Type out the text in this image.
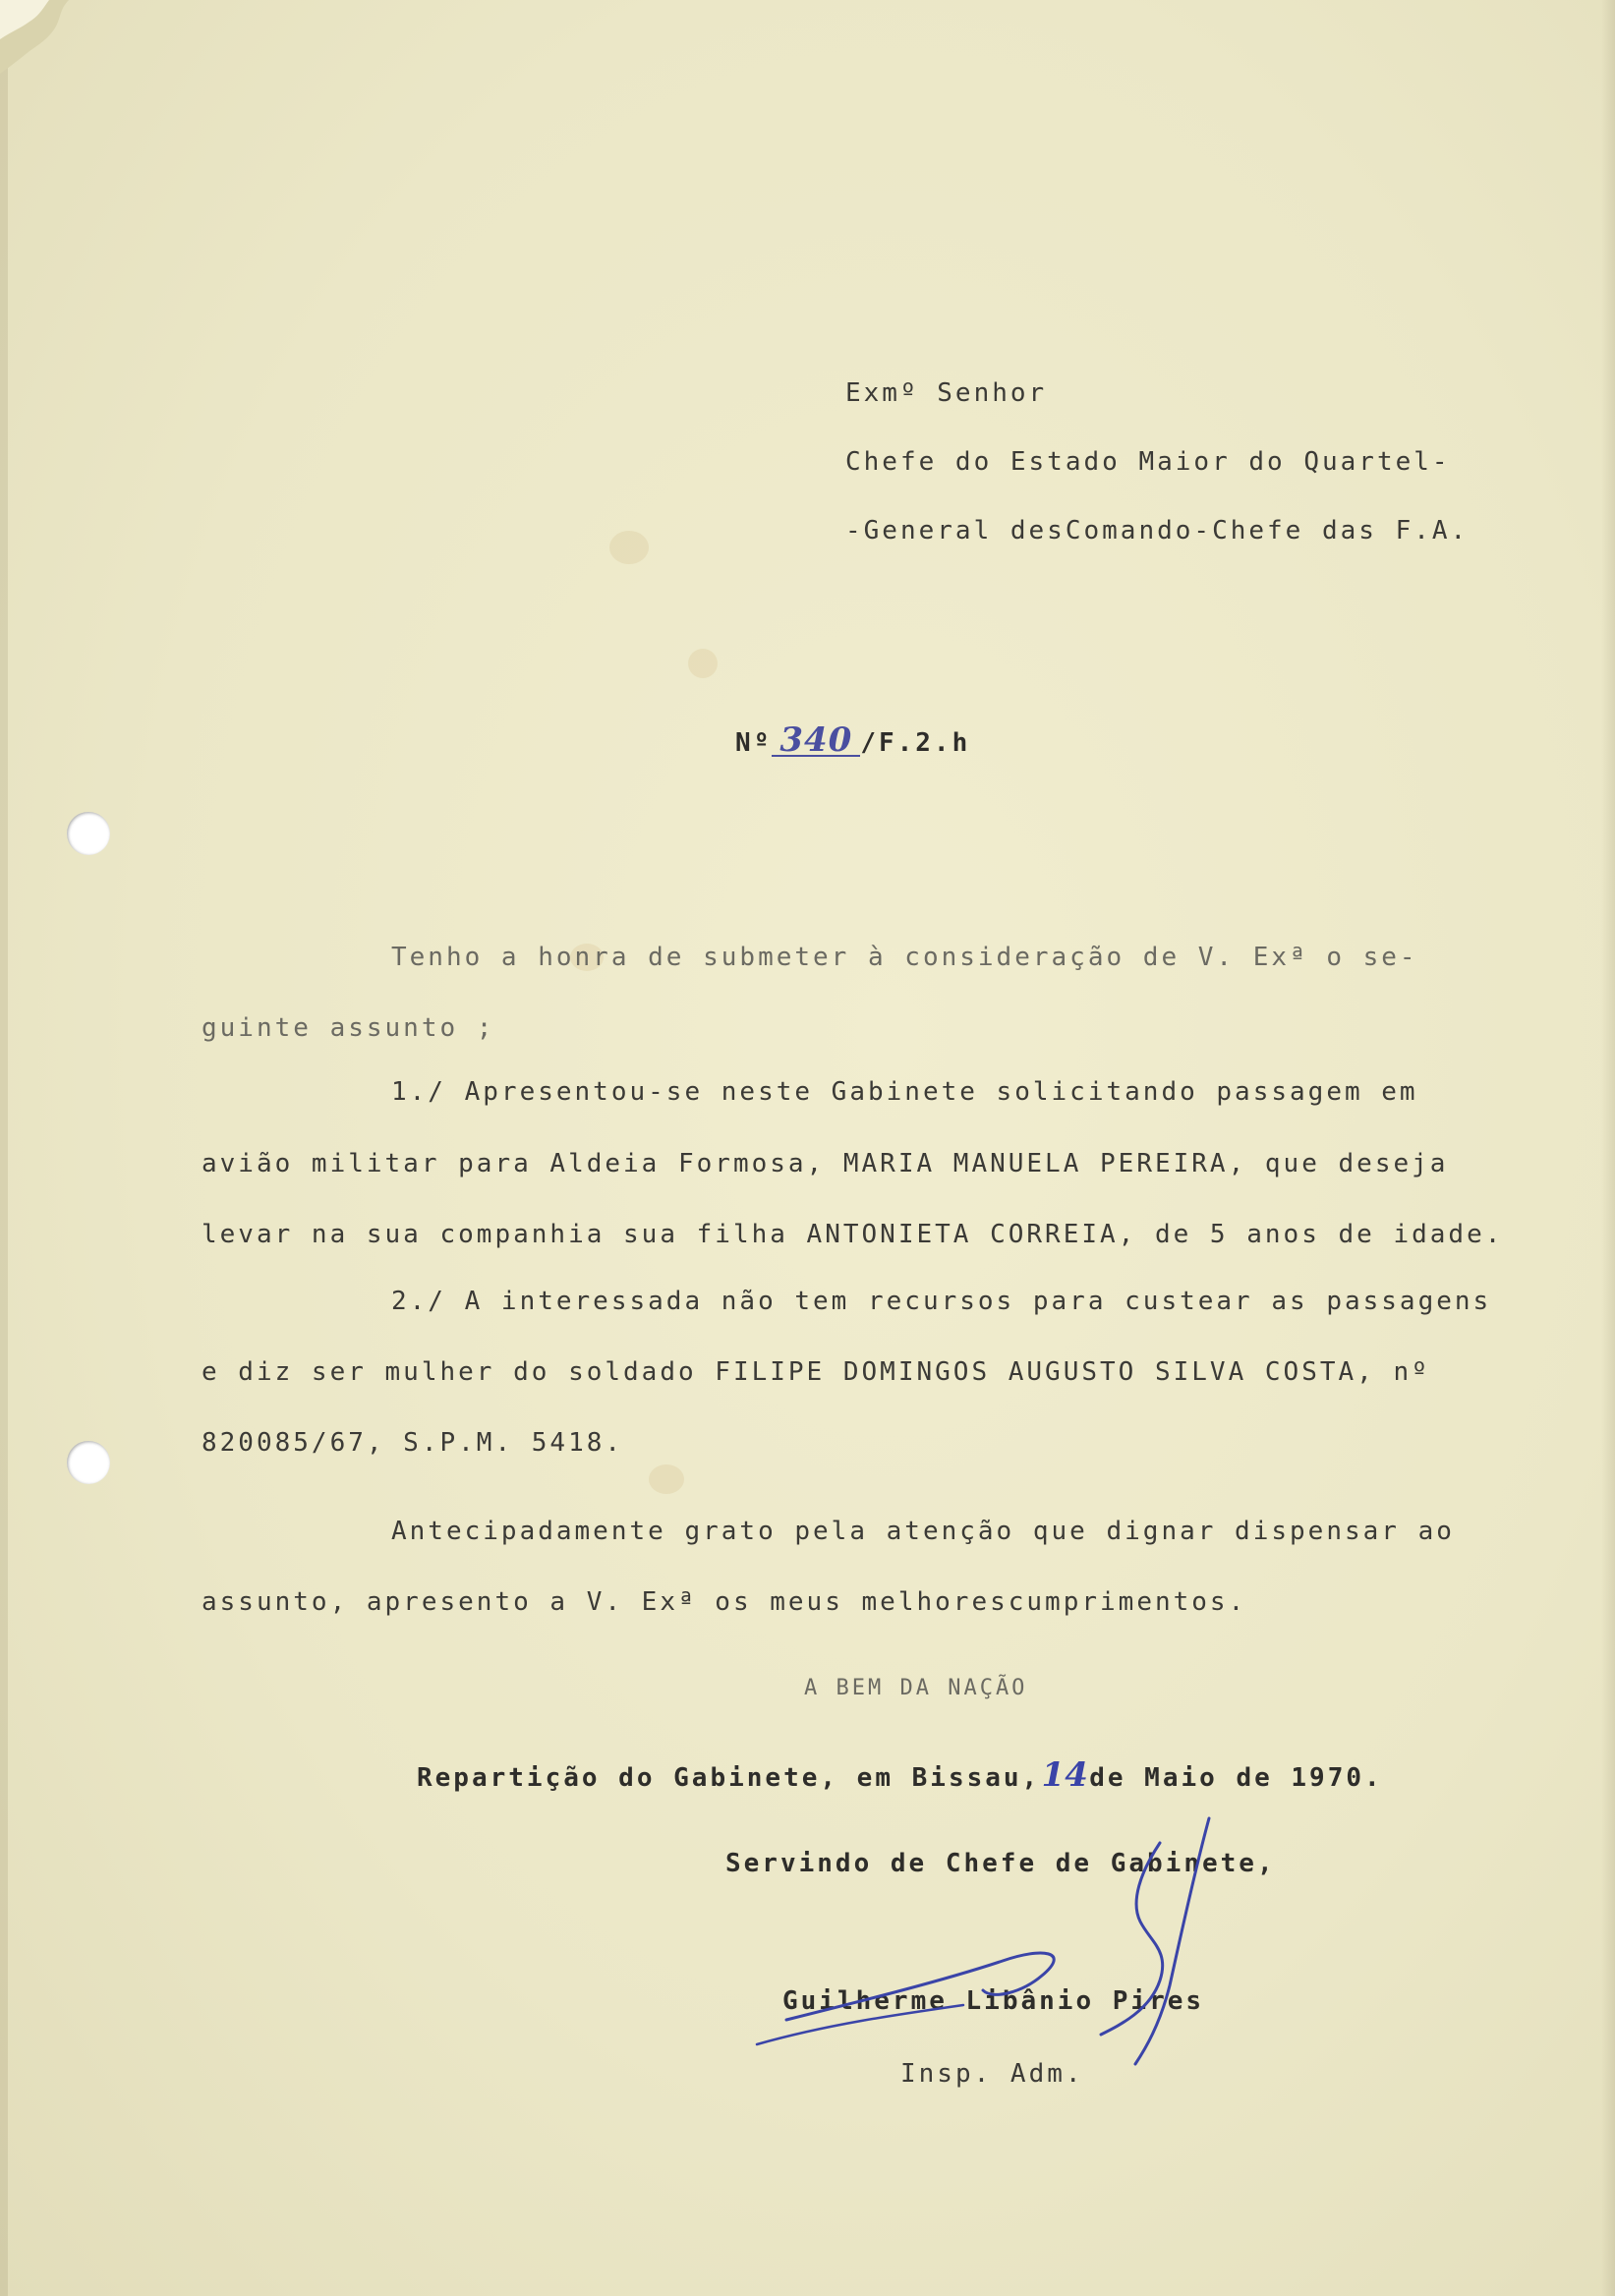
Exmº Senhor
Chefe do Estado Maior do Quartel-
-General desComando-Chefe das F.A.
Nº 340 /F.2.h
Tenho a honra de submeter à consideração de V. Exª o se-
guinte assunto ;
1./ Apresentou-se neste Gabinete solicitando passagem em
avião militar para Aldeia Formosa, MARIA MANUELA PEREIRA, que deseja
levar na sua companhia sua filha ANTONIETA CORREIA, de 5 anos de idade.
2./ A interessada não tem recursos para custear as passagens
e diz ser mulher do soldado FILIPE DOMINGOS AUGUSTO SILVA COSTA, nº
820085/67, S.P.M. 5418.
Antecipadamente grato pela atenção que dignar dispensar ao
assunto, apresento a V. Exª os meus melhorescumprimentos.
A BEM DA NAÇÃO
Repartição do Gabinete, em Bissau,14de Maio de 1970.
Servindo de Chefe de Gabinete,
Guilherme Libânio Pires
Insp. Adm.
